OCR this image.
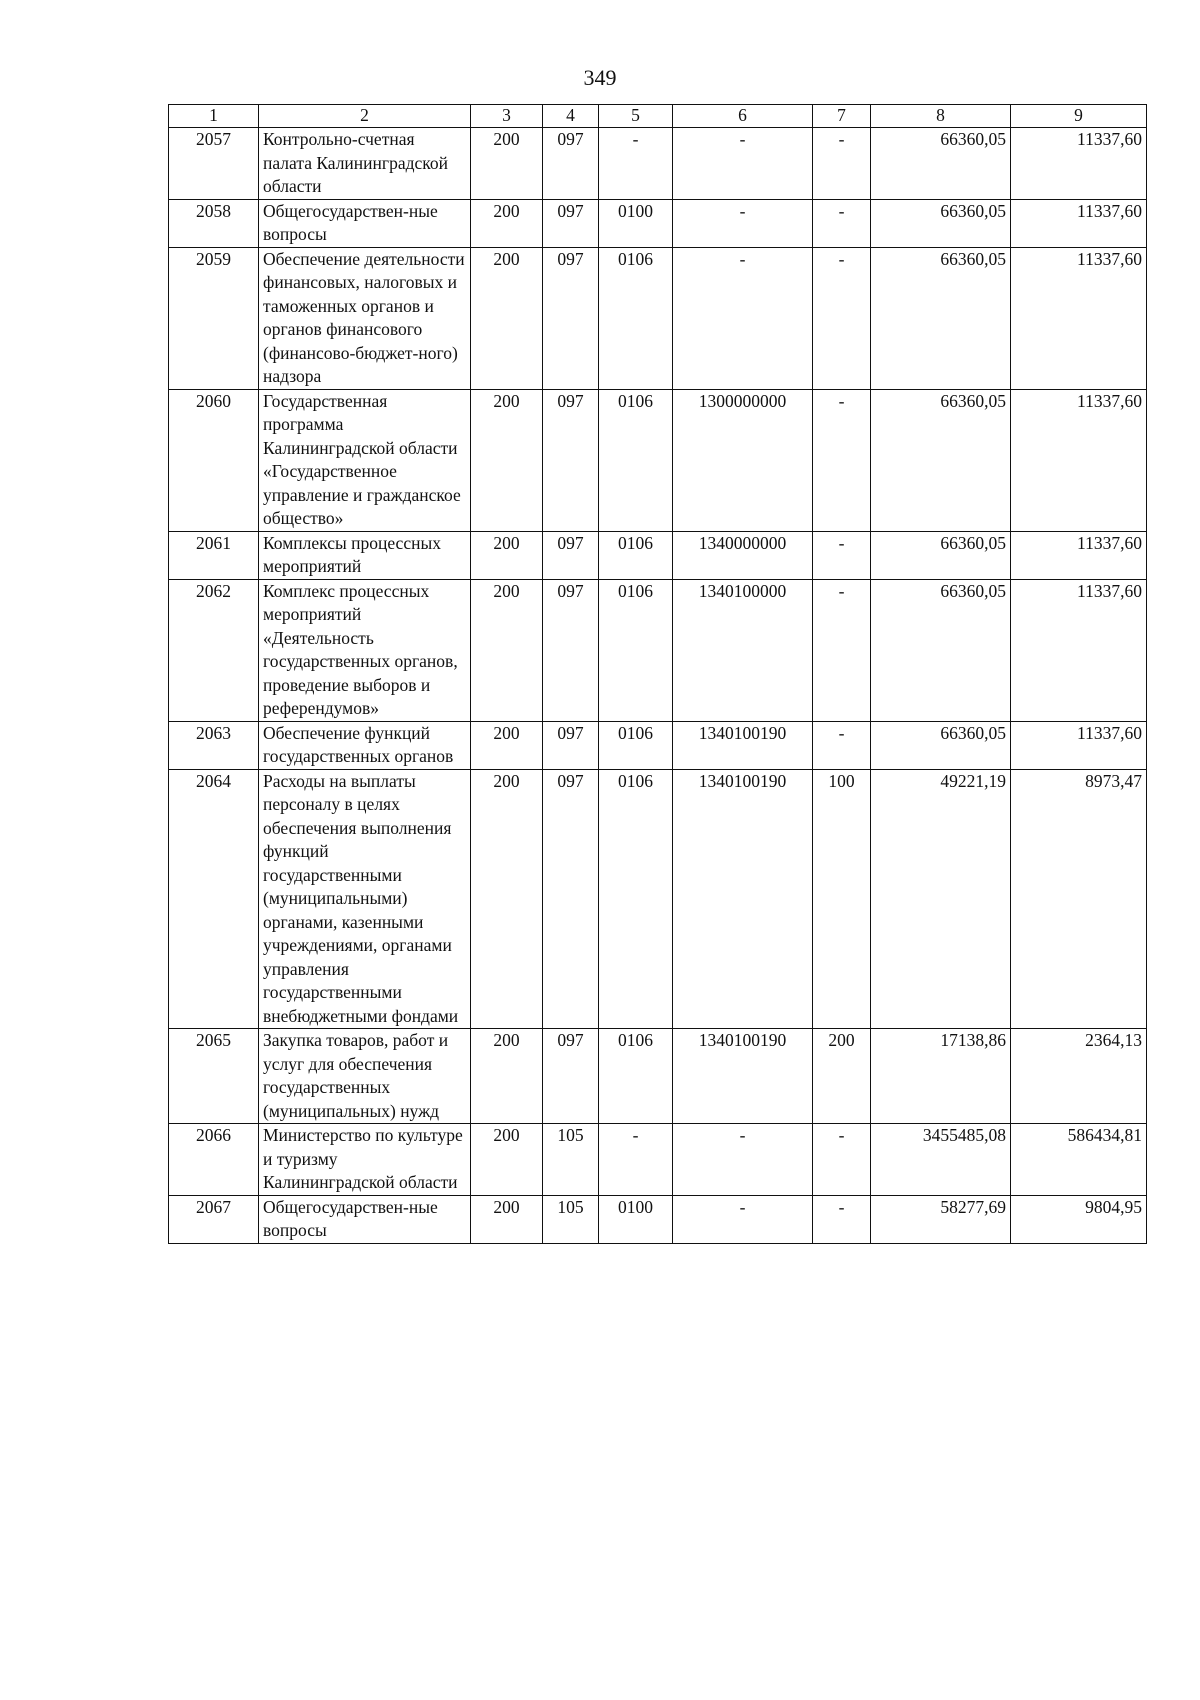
349
1	2	3	4	5	6	7	8	9
2057	Контрольно-счетная палата Калининградской области	200	097	-	-	-	66360,05	11337,60
2058	Общегосударствен-ные вопросы	200	097	0100	-	-	66360,05	11337,60
2059	Обеспечение деятельности финансовых, налоговых и таможенных органов и органов финансового (финансово-бюджет-ного) надзора	200	097	0106	-	-	66360,05	11337,60
2060	Государственная программа Калининградской области «Государственное управление и гражданское общество»	200	097	0106	1300000000	-	66360,05	11337,60
2061	Комплексы процессных мероприятий	200	097	0106	1340000000	-	66360,05	11337,60
2062	Комплекс процессных мероприятий «Деятельность государственных органов, проведение выборов и референдумов»	200	097	0106	1340100000	-	66360,05	11337,60
2063	Обеспечение функций государственных органов	200	097	0106	1340100190	-	66360,05	11337,60
2064	Расходы на выплаты персоналу в целях обеспечения выполнения функций государственными (муниципальными) органами, казенными учреждениями, органами управления государственными внебюджетными фондами	200	097	0106	1340100190	100	49221,19	8973,47
2065	Закупка товаров, работ и услуг для обеспечения государственных (муниципальных) нужд	200	097	0106	1340100190	200	17138,86	2364,13
2066	Министерство по культуре и туризму Калининградской области	200	105	-	-	-	3455485,08	586434,81
2067	Общегосударствен-ные вопросы	200	105	0100	-	-	58277,69	9804,95
